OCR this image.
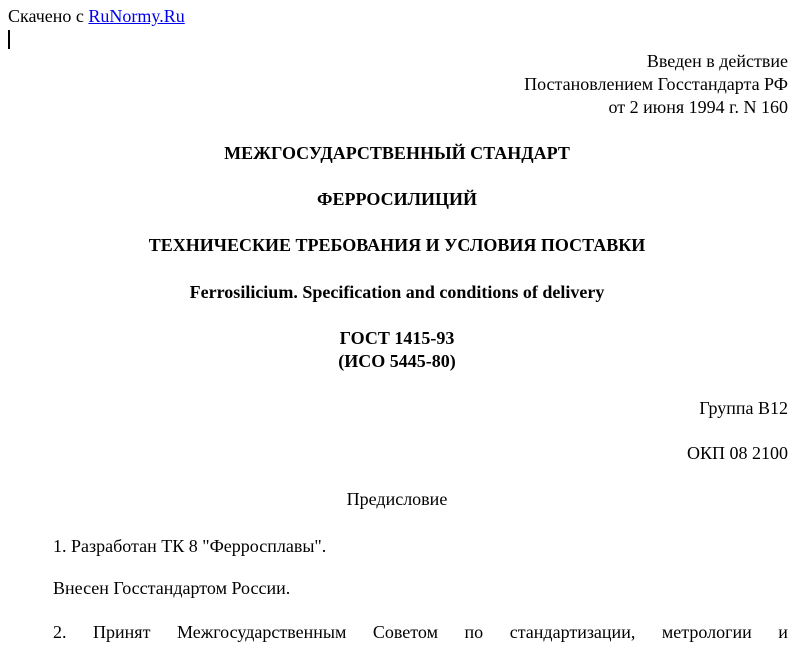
Скачено с RuNormy.Ru
Введен в действие
Постановлением Госстандарта РФ
от 2 июня 1994 г. N 160
МЕЖГОСУДАРСТВЕННЫЙ СТАНДАРТ
ФЕРРОСИЛИЦИЙ
ТЕХНИЧЕСКИЕ ТРЕБОВАНИЯ И УСЛОВИЯ ПОСТАВКИ
Ferrosilicium. Specification and conditions of delivery
ГОСТ 1415-93
(ИСО 5445-80)
Группа В12
ОКП 08 2100
Предисловие
1. Разработан ТК 8 "Ферросплавы".
Внесен Госстандартом России.
2. Принят Межгосударственным Советом по стандартизации, метрологии и
